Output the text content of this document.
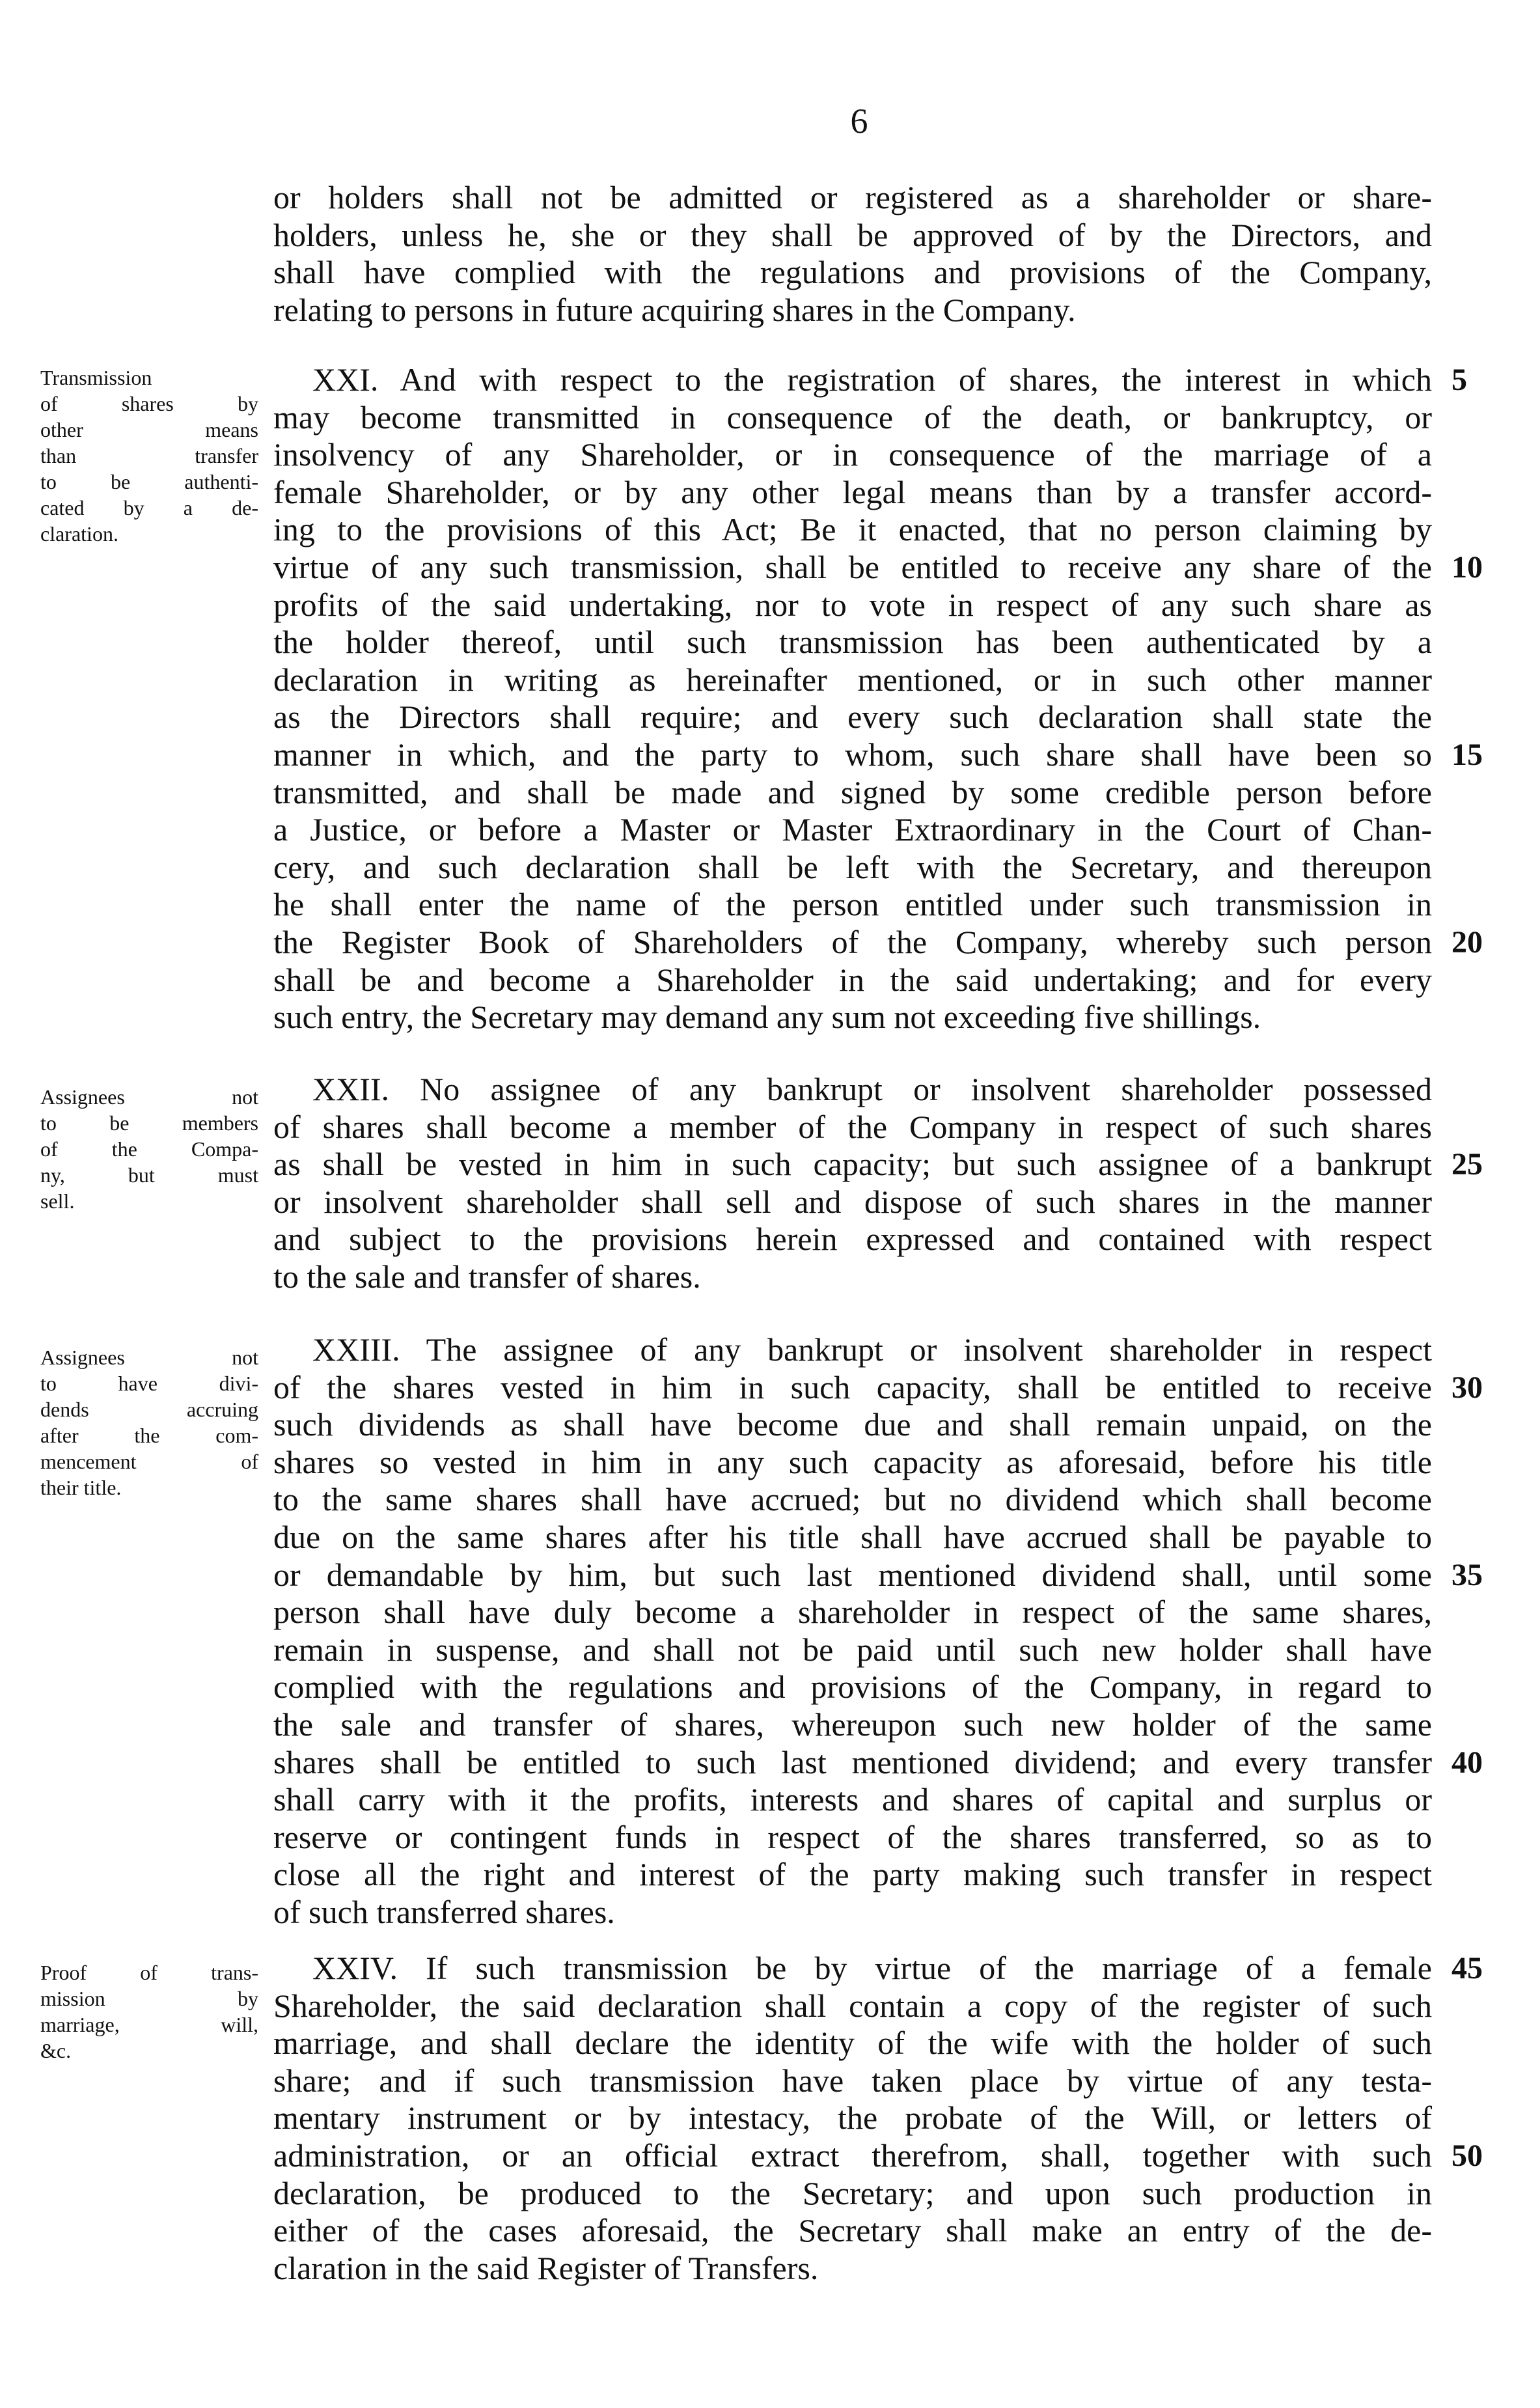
6
or holders shall not be admitted or registered as a shareholder or share-
holders, unless he, she or they shall be approved of by the Directors, and
shall have complied with the regulations and provisions of the Company,
relating to persons in future acquiring shares in the Company.
Transmission
of shares by
other means
than transfer
to be authenti-
cated by a de-
claration.
XXI. And with respect to the registration of shares, the interest in which 5
may become transmitted in consequence of the death, or bankruptcy, or
insolvency of any Shareholder, or in consequence of the marriage of a
female Shareholder, or by any other legal means than by a transfer accord-
ing to the provisions of this Act; Be it enacted, that no person claiming by
virtue of any such transmission, shall be entitled to receive any share of the 10
profits of the said undertaking, nor to vote in respect of any such share as
the holder thereof, until such transmission has been authenticated by a
declaration in writing as hereinafter mentioned, or in such other manner
as the Directors shall require; and every such declaration shall state the
manner in which, and the party to whom, such share shall have been so 15
transmitted, and shall be made and signed by some credible person before
a Justice, or before a Master or Master Extraordinary in the Court of Chan-
cery, and such declaration shall be left with the Secretary, and thereupon
he shall enter the name of the person entitled under such transmission in
the Register Book of Shareholders of the Company, whereby such person 20
shall be and become a Shareholder in the said undertaking; and for every
such entry, the Secretary may demand any sum not exceeding five shillings.
Assignees not
to be members
of the Compa-
ny, but must
sell.
XXII. No assignee of any bankrupt or insolvent shareholder possessed
of shares shall become a member of the Company in respect of such shares
as shall be vested in him in such capacity; but such assignee of a bankrupt 25
or insolvent shareholder shall sell and dispose of such shares in the manner
and subject to the provisions herein expressed and contained with respect
to the sale and transfer of shares.
Assignees not
to have divi-
dends accruing
after the com-
mencement of
their title.
XXIII. The assignee of any bankrupt or insolvent shareholder in respect
of the shares vested in him in such capacity, shall be entitled to receive 30
such dividends as shall have become due and shall remain unpaid, on the
shares so vested in him in any such capacity as aforesaid, before his title
to the same shares shall have accrued; but no dividend which shall become
due on the same shares after his title shall have accrued shall be payable to
or demandable by him, but such last mentioned dividend shall, until some 35
person shall have duly become a shareholder in respect of the same shares,
remain in suspense, and shall not be paid until such new holder shall have
complied with the regulations and provisions of the Company, in regard to
the sale and transfer of shares, whereupon such new holder of the same
shares shall be entitled to such last mentioned dividend; and every transfer 40
shall carry with it the profits, interests and shares of capital and surplus or
reserve or contingent funds in respect of the shares transferred, so as to
close all the right and interest of the party making such transfer in respect
of such transferred shares.
Proof of trans-
mission by
marriage, will,
&c.
XXIV. If such transmission be by virtue of the marriage of a female 45
Shareholder, the said declaration shall contain a copy of the register of such
marriage, and shall declare the identity of the wife with the holder of such
share; and if such transmission have taken place by virtue of any testa-
mentary instrument or by intestacy, the probate of the Will, or letters of
administration, or an official extract therefrom, shall, together with such 50
declaration, be produced to the Secretary; and upon such production in
either of the cases aforesaid, the Secretary shall make an entry of the de-
claration in the said Register of Transfers.
